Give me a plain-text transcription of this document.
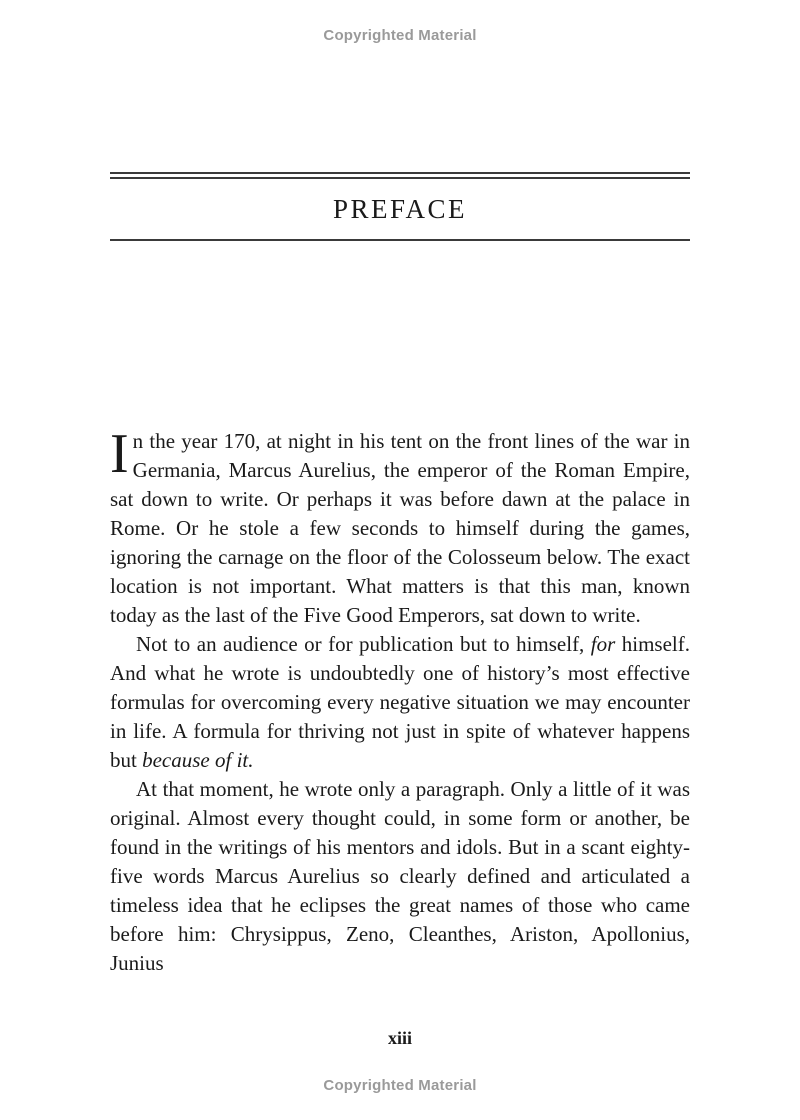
Copyrighted Material
PREFACE

In the year 170, at night in his tent on the front lines of the war in Germania, Marcus Aurelius, the emperor of the Roman Empire, sat down to write. Or perhaps it was before dawn at the palace in Rome. Or he stole a few seconds to himself during the games, ignoring the carnage on the floor of the Colosseum below. The exact location is not important. What matters is that this man, known today as the last of the Five Good Emperors, sat down to write.

Not to an audience or for publication but to himself, for himself. And what he wrote is undoubtedly one of history’s most effective formulas for overcoming every negative situation we may encounter in life. A formula for thriving not just in spite of whatever happens but because of it.

At that moment, he wrote only a paragraph. Only a little of it was original. Almost every thought could, in some form or another, be found in the writings of his mentors and idols. But in a scant eighty-five words Marcus Aurelius so clearly defined and articulated a timeless idea that he eclipses the great names of those who came before him: Chrysippus, Zeno, Cleanthes, Ariston, Apollonius, Junius

xiii
Copyrighted Material
